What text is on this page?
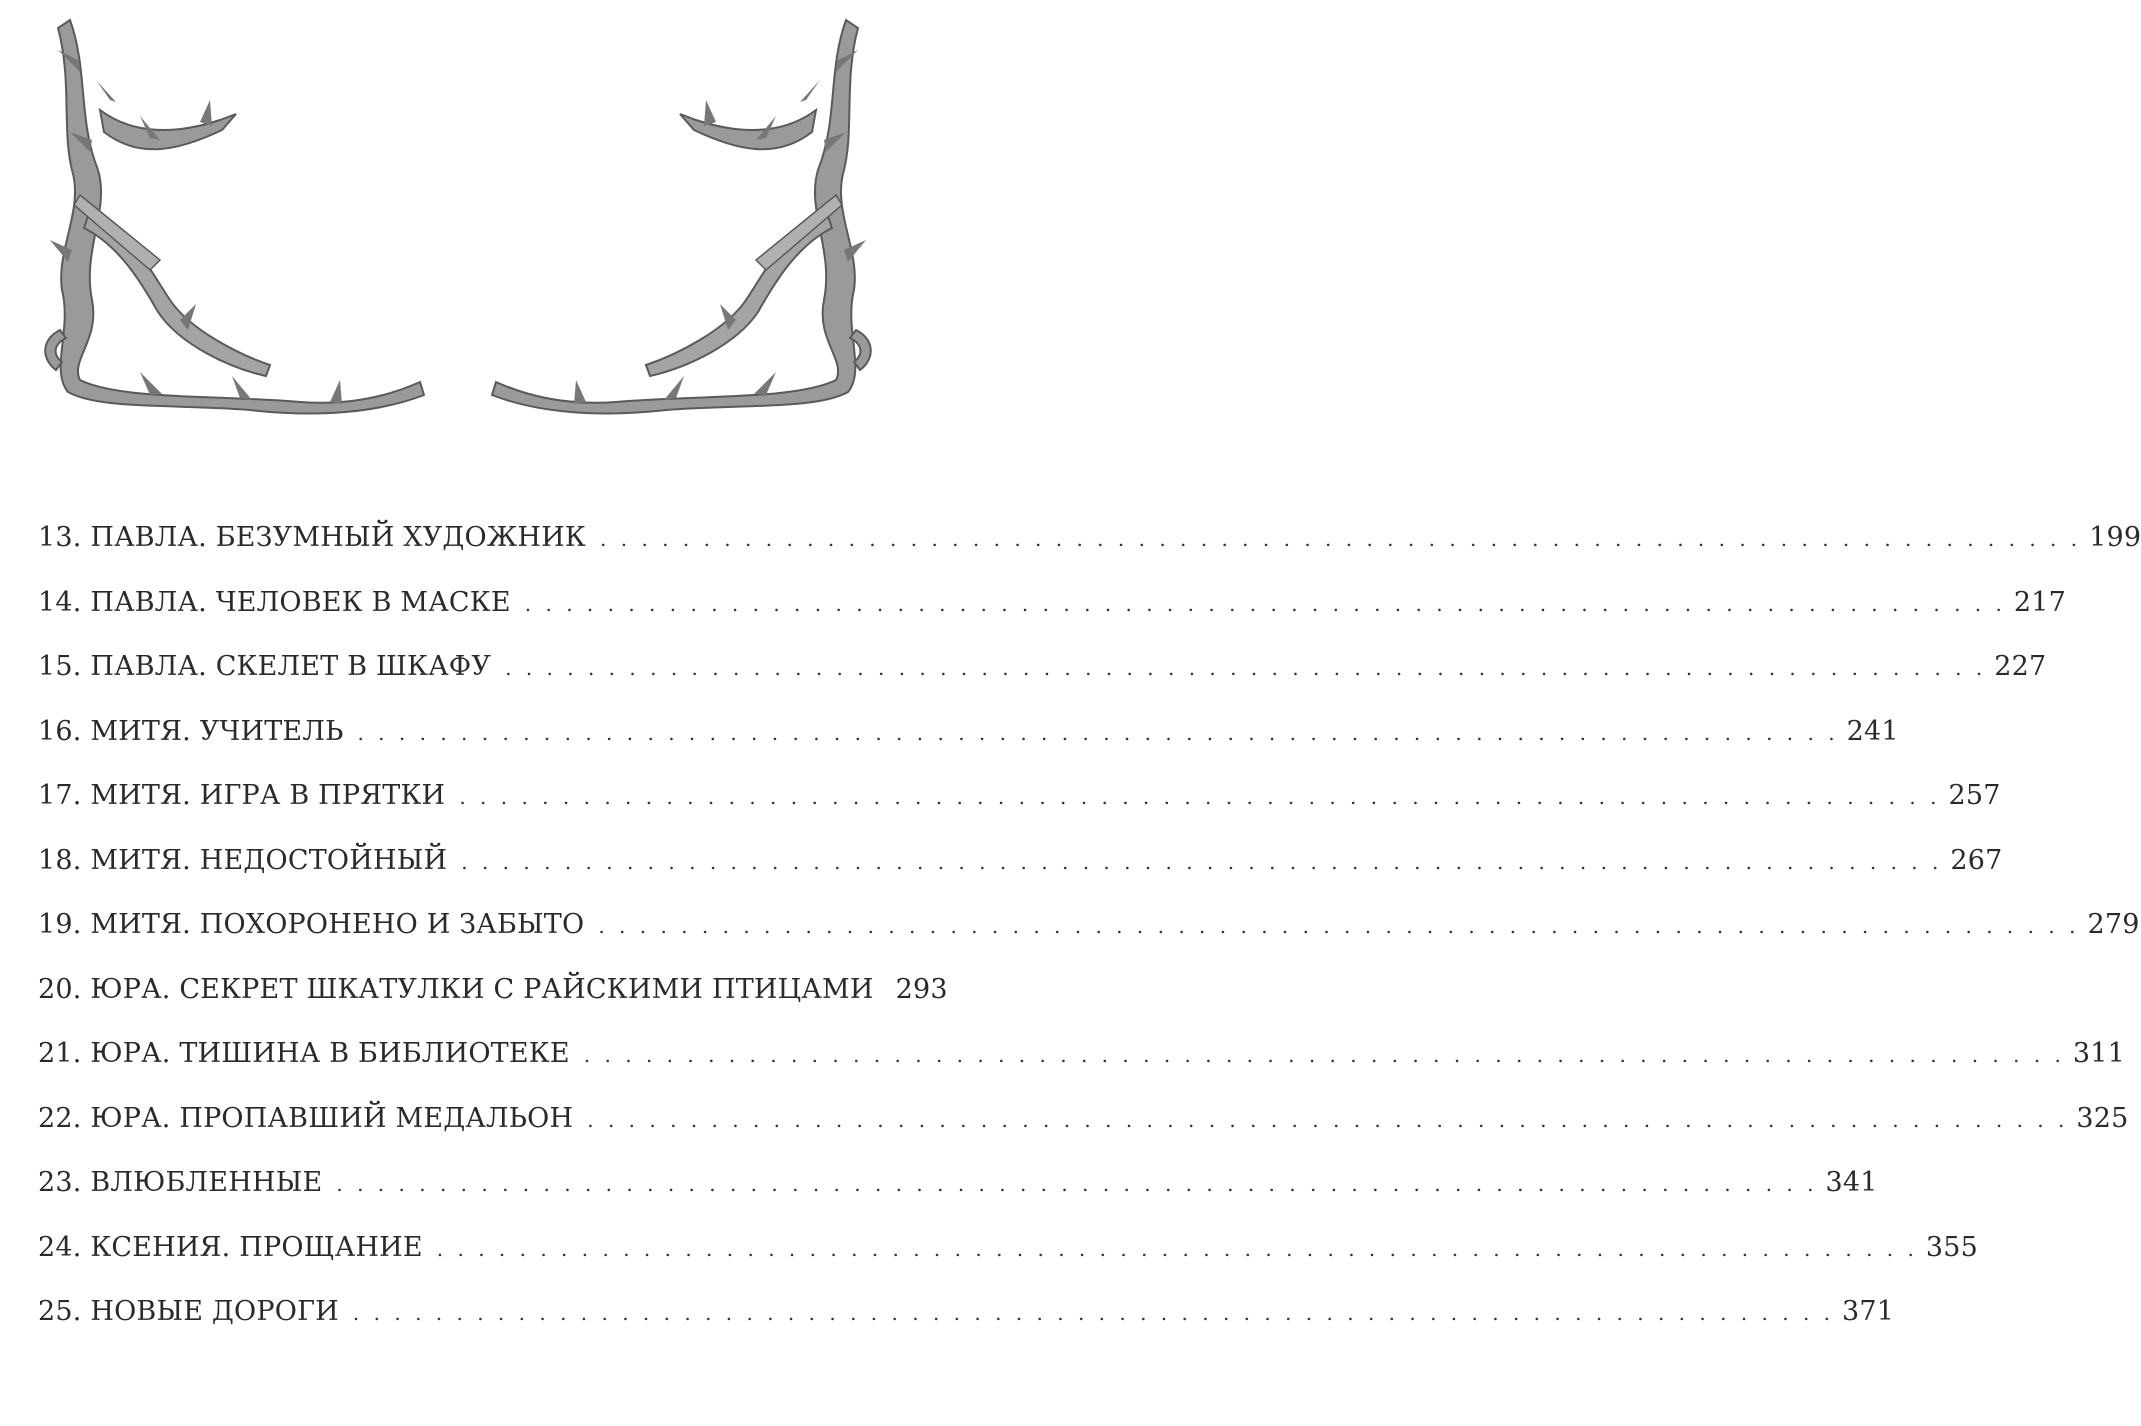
13. ПАВЛА. БЕЗУМНЫЙ ХУДОЖНИК . . .	199
14. ПАВЛА. ЧЕЛОВЕК В МАСКЕ . . .	217
15. ПАВЛА. СКЕЛЕТ В ШКАФУ . . .	227
16. МИТЯ. УЧИТЕЛЬ . . .	241
17. МИТЯ. ИГРА В ПРЯТКИ . . .	257
18. МИТЯ. НЕДОСТОЙНЫЙ . . .	267
19. МИТЯ. ПОХОРОНЕНО И ЗАБЫТО . . .	279
20. ЮРА. СЕКРЕТ ШКАТУЛКИ С РАЙСКИМИ ПТИЦАМИ 293
21. ЮРА. ТИШИНА В БИБЛИОТЕКЕ . . .	311
22. ЮРА. ПРОПАВШИЙ МЕДАЛЬОН . . .	325
23. ВЛЮБЛЕННЫЕ . . .	341
24. КСЕНИЯ. ПРОЩАНИЕ . . .	355
25. НОВЫЕ ДОРОГИ . . .	371
